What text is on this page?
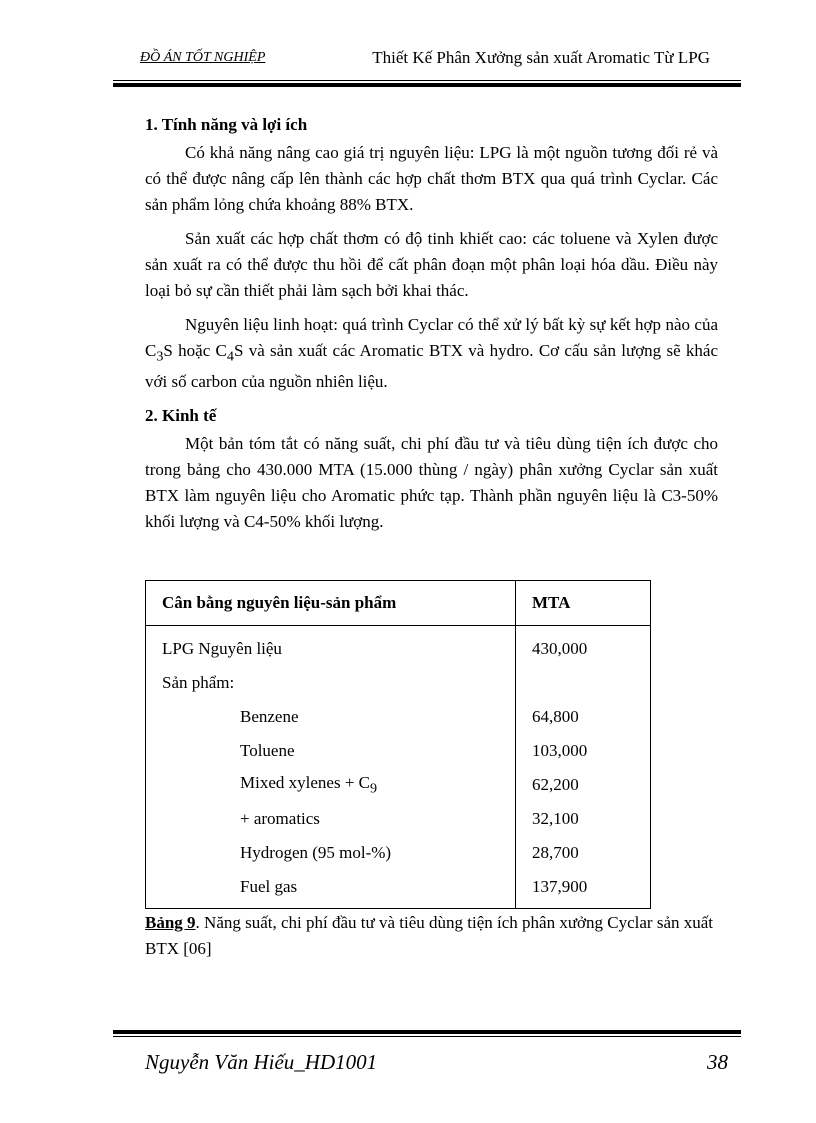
ĐỒ ÁN TỐT NGHIỆP	Thiết Kế Phân Xưởng sản xuất Aromatic Từ LPG
1. Tính năng và lợi ích

Có khả năng nâng cao giá trị nguyên liệu: LPG là một nguồn tương đối rẻ và có thể được nâng cấp lên thành các hợp chất thơm BTX qua quá trình Cyclar. Các sản phẩm lỏng chứa khoảng 88% BTX.

Sản xuất các hợp chất thơm có độ tinh khiết cao: các toluene và Xylen được sản xuất ra có thể được thu hồi để cất phân đoạn một phân loại hóa dầu. Điều này loại bỏ sự cần thiết phải làm sạch bởi khai thác.

Nguyên liệu linh hoạt: quá trình Cyclar có thể xử lý bất kỳ sự kết hợp nào của $C_3S$ hoặc $C_4S$ và sản xuất các Aromatic BTX và hydro. Cơ cấu sản lượng sẽ khác với số carbon của nguồn nhiên liệu.

2. Kinh tế

Một bản tóm tắt có năng suất, chi phí đầu tư và tiêu dùng tiện ích được cho trong bảng cho 430.000 MTA (15.000 thùng / ngày) phân xưởng Cyclar sản xuất BTX làm nguyên liệu cho Aromatic phức tạp. Thành phần nguyên liệu là C3-50% khối lượng và C4-50% khối lượng.

Cân bằng nguyên liệu-sản phẩm	MTA
LPG Nguyên liệu	430,000
Sản phẩm:	
Benzene	64,800
Toluene	103,000
Mixed xylenes + $C_9$	62,200
+ aromatics	32,100
Hydrogen (95 mol-%)	28,700
Fuel gas	137,900
Bảng 9. Năng suất, chi phí đầu tư và tiêu dùng tiện ích phân xưởng Cyclar sản xuất BTX [06]
Nguyễn Văn Hiếu_HD1001	38
